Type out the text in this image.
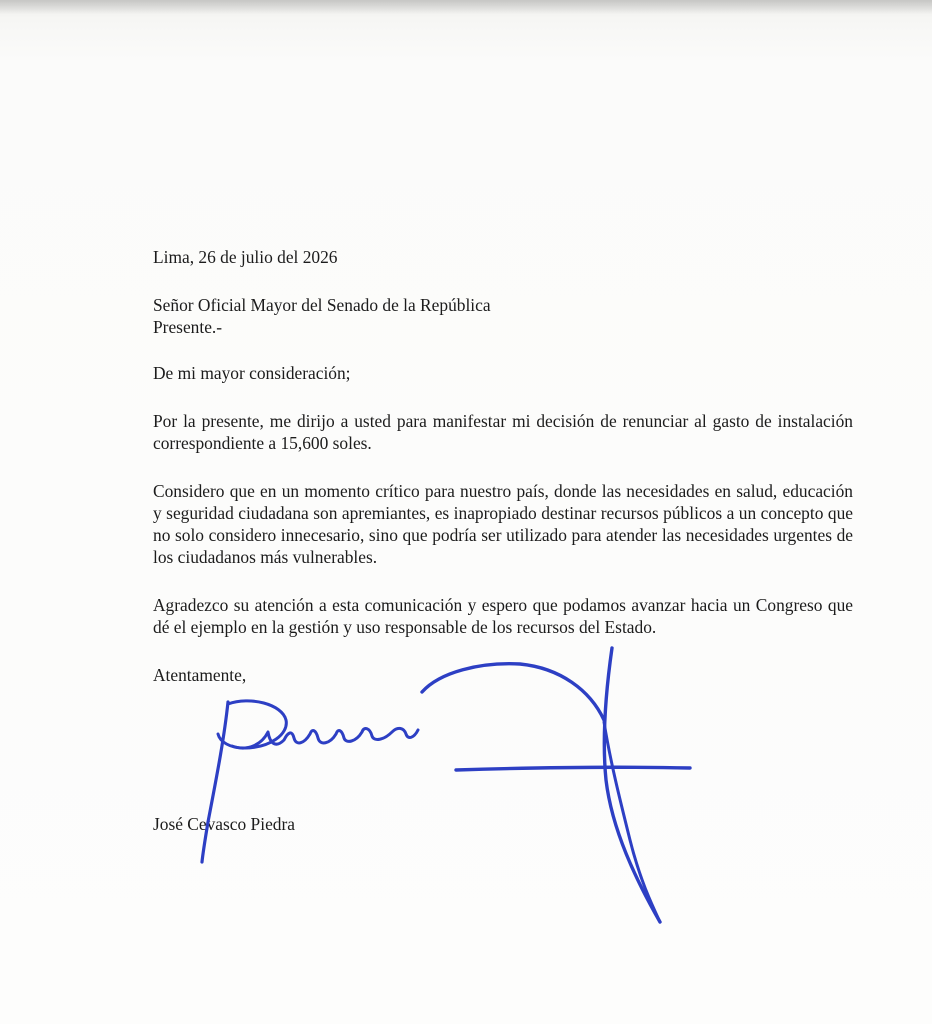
Lima, 26 de julio del 2026

Señor Oficial Mayor del Senado de la República

Presente.-

De mi mayor consideración;

Por la presente, me dirijo a usted para manifestar mi decisión de renunciar al gasto de instalación correspondiente a 15,600 soles.

Considero que en un momento crítico para nuestro país, donde las necesidades en salud, educación y seguridad ciudadana son apremiantes, es inapropiado destinar recursos públicos a un concepto que no solo considero innecesario, sino que podría ser utilizado para atender las necesidades urgentes de los ciudadanos más vulnerables.

Agradezco su atención a esta comunicación y espero que podamos avanzar hacia un Congreso que dé el ejemplo en la gestión y uso responsable de los recursos del Estado.

Atentamente,

José Cevasco Piedra
